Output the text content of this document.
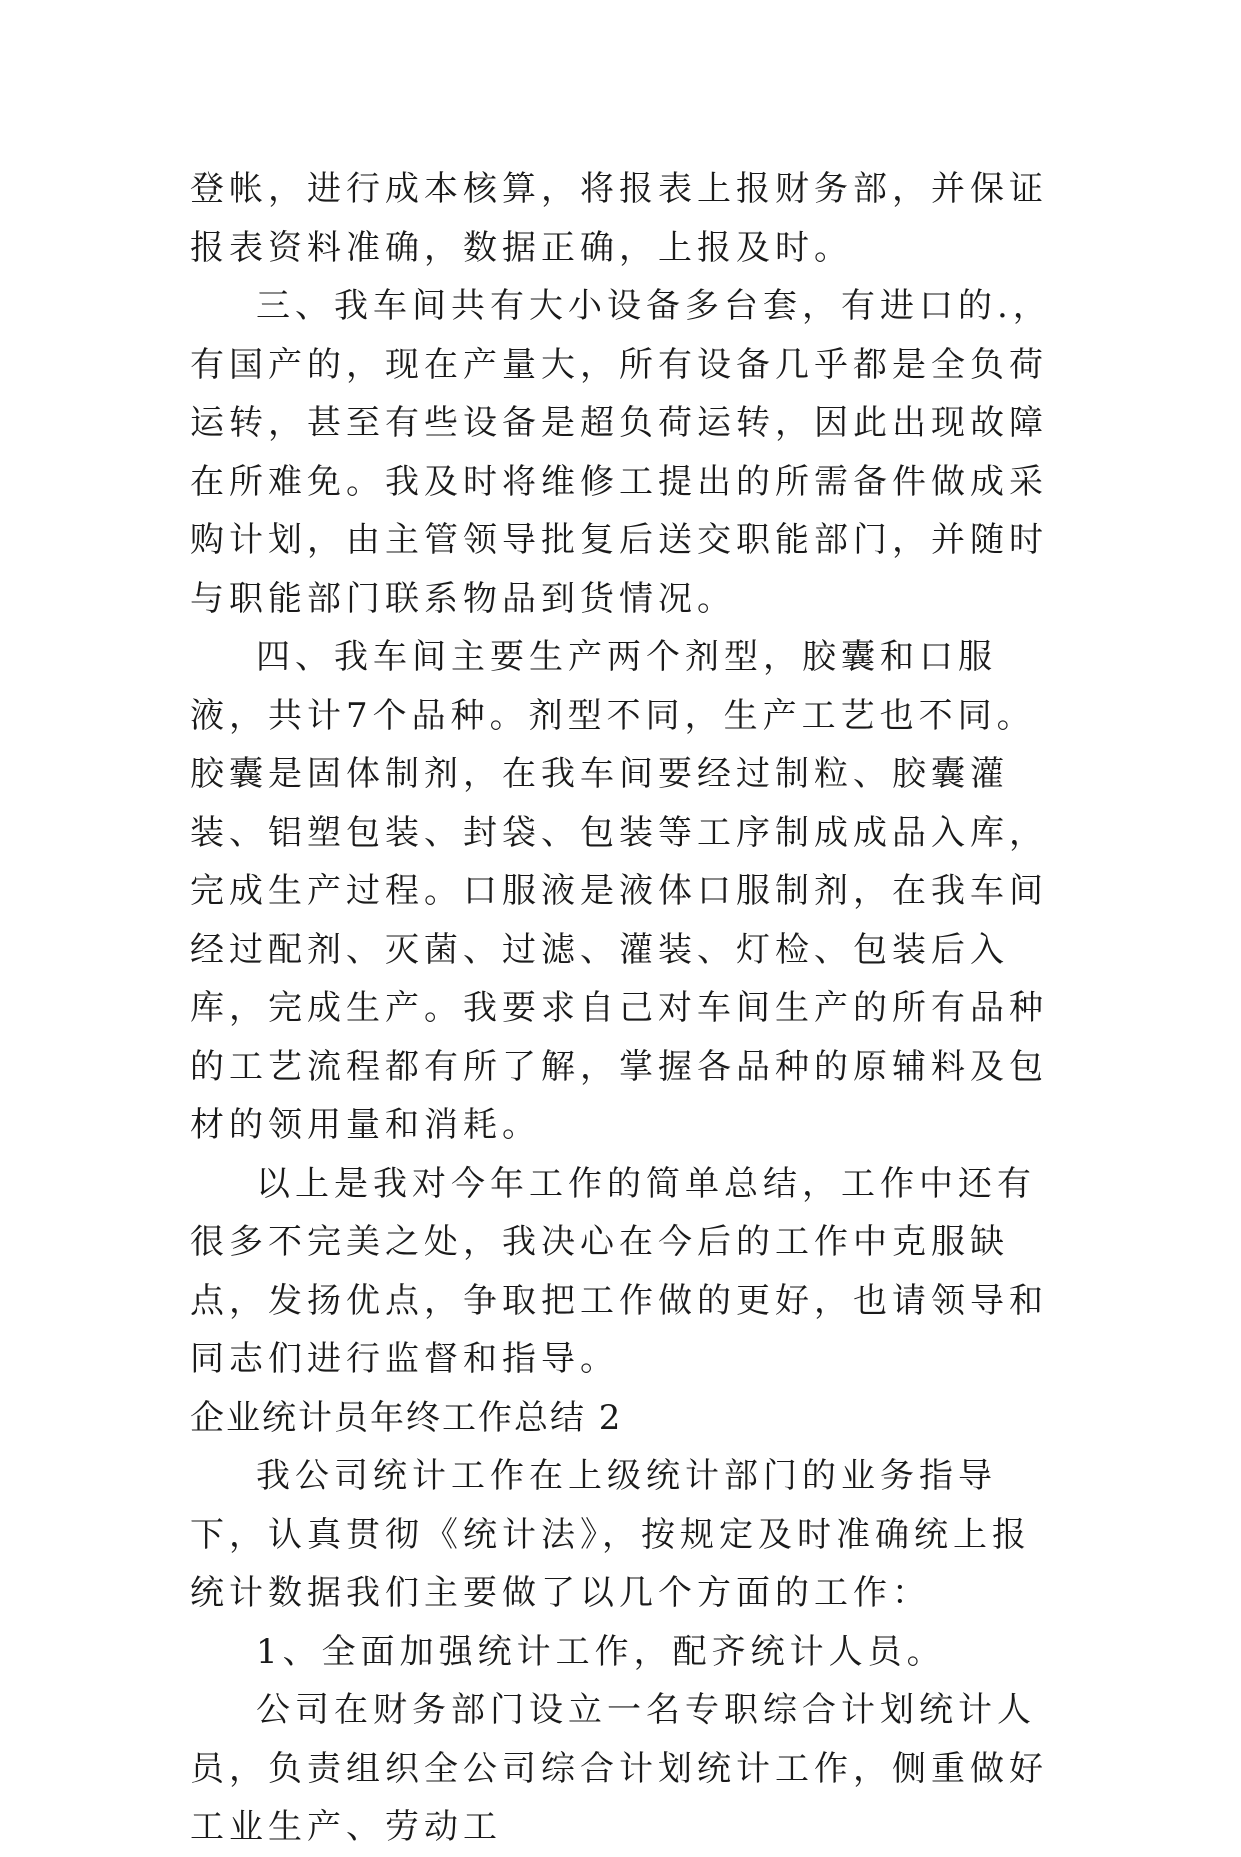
登帐，进行成本核算，将报表上报财务部，并保证报表资料准确，数据正确，上报及时。

三、我车间共有大小设备多台套，有进口的.，有国产的，现在产量大，所有设备几乎都是全负荷运转，甚至有些设备是超负荷运转，因此出现故障在所难免。我及时将维修工提出的所需备件做成采购计划，由主管领导批复后送交职能部门，并随时与职能部门联系物品到货情况。

四、我车间主要生产两个剂型，胶囊和口服液，共计7个品种。剂型不同，生产工艺也不同。胶囊是固体制剂，在我车间要经过制粒、胶囊灌装、铝塑包装、封袋、包装等工序制成成品入库，完成生产过程。口服液是液体口服制剂，在我车间经过配剂、灭菌、过滤、灌装、灯检、包装后入库，完成生产。我要求自己对车间生产的所有品种的工艺流程都有所了解，掌握各品种的原辅料及包材的领用量和消耗。

以上是我对今年工作的简单总结，工作中还有很多不完美之处，我决心在今后的工作中克服缺点，发扬优点，争取把工作做的更好，也请领导和同志们进行监督和指导。

企业统计员年终工作总结 2

我公司统计工作在上级统计部门的业务指导下，认真贯彻《统计法》，按规定及时准确统上报统计数据我们主要做了以几个方面的工作：

1、全面加强统计工作，配齐统计人员。

公司在财务部门设立一名专职综合计划统计人员，负责组织全公司综合计划统计工作，侧重做好工业生产、劳动工
